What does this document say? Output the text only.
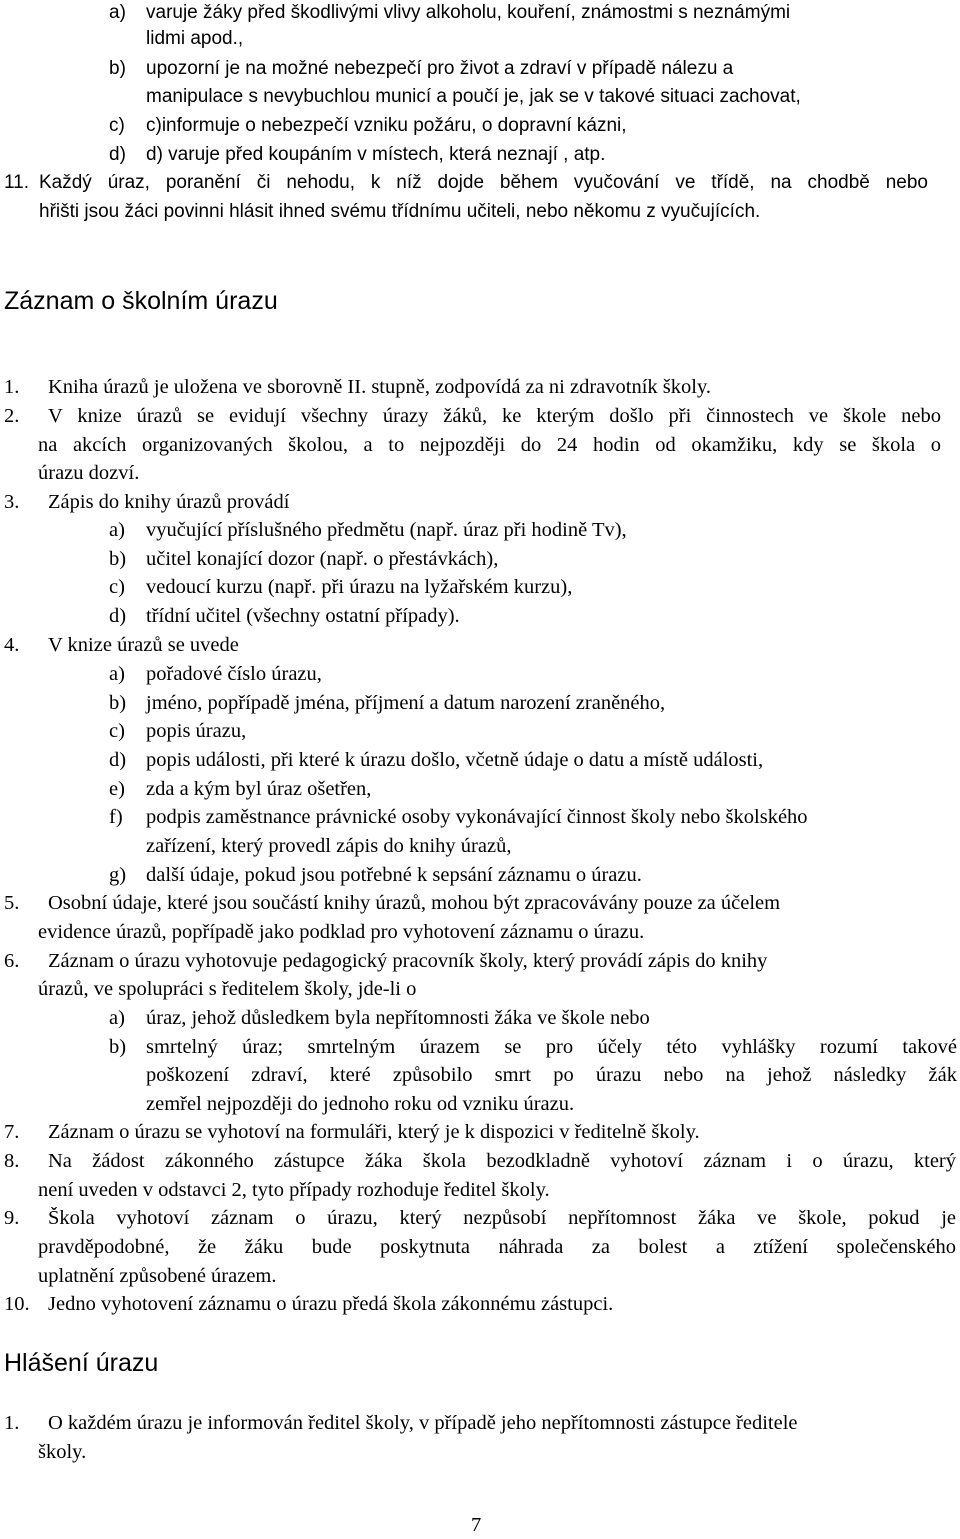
a)	varuje žáky před škodlivými vlivy alkoholu, kouření, známostmi s neznámými
lidmi apod.,
b)	upozorní je na možné nebezpečí pro život a zdraví v případě nálezu a
manipulace s nevybuchlou municí a poučí je, jak se v takové situaci zachovat,
c)	c)informuje o nebezpečí vzniku požáru, o dopravní kázni,
d)	d) varuje před koupáním v místech, která neznají , atp.
11. Každý úraz, poranění či nehodu, k níž dojde během vyučování ve třídě, na chodbě nebo
hřišti jsou žáci povinni hlásit ihned svému třídnímu učiteli, nebo někomu z vyučujících.
Záznam o školním úrazu
1.	Kniha úrazů je uložena ve sborovně II. stupně, zodpovídá za ni zdravotník školy.
2.	V knize úrazů se evidují všechny úrazy žáků, ke kterým došlo při činnostech ve škole nebo
na akcích organizovaných školou, a to nejpozději do 24 hodin od okamžiku, kdy se škola o
úrazu dozví.
3.	Zápis do knihy úrazů provádí
a)	vyučující příslušného předmětu (např. úraz při hodině Tv),
b) učitel konající dozor (např. o přestávkách),
c)	vedoucí kurzu (např. při úrazu na lyžařském kurzu),
d) třídní učitel (všechny ostatní případy).
4.	V knize úrazů se uvede
a)	pořadové číslo úrazu,
b) jméno, popřípadě jména, příjmení a datum narození zraněného,
c)	popis úrazu,
d) popis události, při které k úrazu došlo, včetně údaje o datu a místě události,
e)	zda a kým byl úraz ošetřen,
f)	podpis zaměstnance právnické osoby vykonávající činnost školy nebo školského
zařízení, který provedl zápis do knihy úrazů,
g) další údaje, pokud jsou potřebné k sepsání záznamu o úrazu.
5.	Osobní údaje, které jsou součástí knihy úrazů, mohou být zpracovávány pouze za účelem
evidence úrazů, popřípadě jako podklad pro vyhotovení záznamu o úrazu.
6.	Záznam o úrazu vyhotovuje pedagogický pracovník školy, který provádí zápis do knihy
úrazů, ve spolupráci s ředitelem školy, jde-li o
a)	úraz, jehož důsledkem byla nepřítomnosti žáka ve škole nebo
b) smrtelný úraz; smrtelným úrazem se pro účely této vyhlášky rozumí takové
poškození zdraví, které způsobilo smrt po úrazu nebo na jehož následky žák
zemřel nejpozději do jednoho roku od vzniku úrazu.
7.	Záznam o úrazu se vyhotoví na formuláři, který je k dispozici v ředitelně školy.
8.	Na žádost zákonného zástupce žáka škola bezodkladně vyhotoví záznam i o úrazu, který
není uveden v odstavci 2, tyto případy rozhoduje ředitel školy.
9.	Škola vyhotoví záznam o úrazu, který nezpůsobí nepřítomnost žáka ve škole, pokud je
pravděpodobné, že žáku bude poskytnuta náhrada za bolest a ztížení společenského
uplatnění způsobené úrazem.
10. Jedno vyhotovení záznamu o úrazu předá škola zákonnému zástupci.
Hlášení úrazu
1.	O každém úrazu je informován ředitel školy, v případě jeho nepřítomnosti zástupce ředitele
školy.
7
